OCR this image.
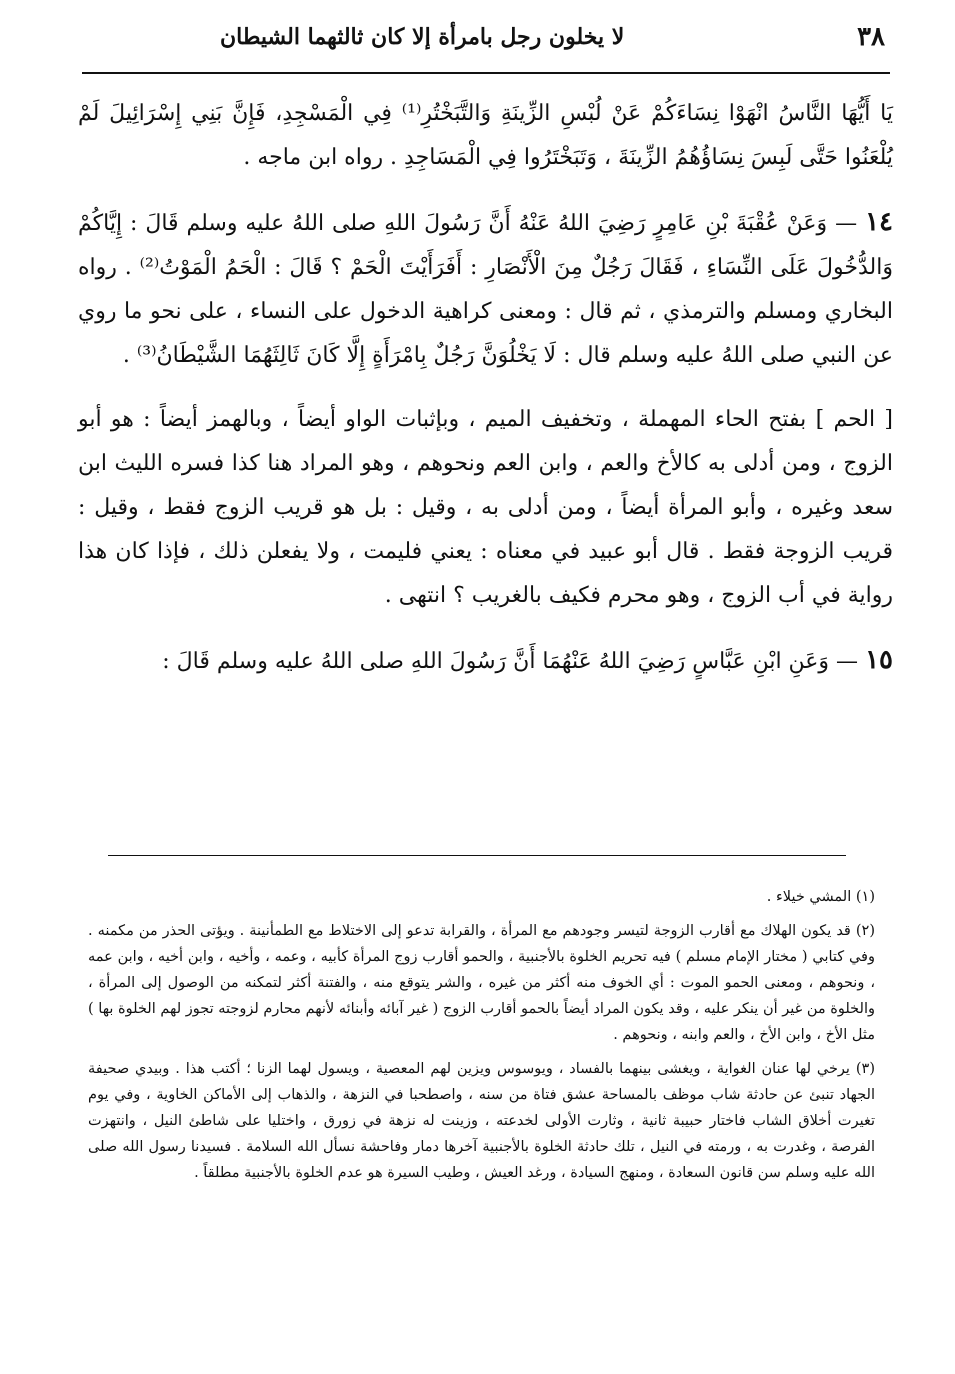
٣٨
لا يخلون رجل بامرأة إلا كان ثالثهما الشيطان

يَا أَيُّهَا النَّاسُ انْهَوْا نِسَاءَكُمْ عَنْ لُبْسِ الزِّينَةِ وَالتَّبَخْتُرِ⁽¹⁾ فِي الْمَسْجِدِ، فَإِنَّ بَنِي إِسْرَائِيلَ لَمْ يُلْعَنُوا حَتَّى لَبِسَ نِسَاؤُهُمُ الزِّينَةَ ، وَتَبَخْتَرُوا فِي الْمَسَاجِدِ . رواه ابن ماجه .

١٤ — وَعَنْ عُقْبَةَ بْنِ عَامِرٍ رَضِيَ اللهُ عَنْهُ أَنَّ رَسُولَ اللهِ صلى اللهُ عليه وسلم قَالَ : إِيَّاكُمْ وَالدُّخُولَ عَلَى النِّسَاءِ ، فَقَالَ رَجُلٌ مِنَ الْأَنْصَارِ : أَفَرَأَيْتَ الْحَمْ ؟ قَالَ : الْحَمُ الْمَوْتُ⁽²⁾ . رواه البخاري ومسلم والترمذي ، ثم قال : ومعنى كراهية الدخول على النساء ، على نحو ما روي عن النبي صلى اللهُ عليه وسلم قال : لَا يَخْلُوَنَّ رَجُلٌ بِامْرَأَةٍ إِلَّا كَانَ ثَالِثَهُمَا الشَّيْطَانُ⁽³⁾ .

[ الحم ] بفتح الحاء المهملة ، وتخفيف الميم ، وبإثبات الواو أيضاً ، وبالهمز أيضاً : هو أبو الزوج ، ومن أدلى به كالأخ والعم ، وابن العم ونحوهم ، وهو المراد هنا كذا فسره الليث ابن سعد وغيره ، وأبو المرأة أيضاً ، ومن أدلى به ، وقيل : بل هو قريب الزوج فقط ، وقيل : قريب الزوجة فقط . قال أبو عبيد في معناه : يعني فليمت ، ولا يفعلن ذلك ، فإذا كان هذا رواية في أب الزوج ، وهو محرم فكيف بالغريب ؟ انتهى .

١٥ — وَعَنِ ابْنِ عَبَّاسٍ رَضِيَ اللهُ عَنْهُمَا أَنَّ رَسُولَ اللهِ صلى اللهُ عليه وسلم قَالَ :

(١) المشي خيلاء .

(٢) قد يكون الهلاك مع أقارب الزوجة لتيسر وجودهم مع المرأة ، والقرابة تدعو إلى الاختلاط مع الطمأنينة . ويؤتى الحذر من مكمنه . وفي كتابي ( مختار الإمام مسلم ) فيه تحريم الخلوة بالأجنبية ، والحمو أقارب زوج المرأة كأبيه ، وعمه ، وأخيه ، وابن أخيه ، وابن عمه ، ونحوهم ، ومعنى الحمو الموت : أي الخوف منه أكثر من غيره ، والشر يتوقع منه ، والفتنة أكثر لتمكنه من الوصول إلى المرأة ، والخلوة من غير أن ينكر عليه ، وقد يكون المراد أيضاً بالحمو أقارب الزوج ( غير آبائه وأبنائه لأنهم محارم لزوجته تجوز لهم الخلوة بها ) مثل الأخ ، وابن الأخ ، والعم وابنه ، ونحوهم .

(٣) يرخي لها عنان الغواية ، ويغشى بينهما بالفساد ، ويوسوس ويزين لهم المعصية ، ويسول لهما الزنا ؛ أكتب هذا . وبيدي صحيفة الجهاد تنبئ عن حادثة شاب موظف بالمساحة عشق فتاة من سنه ، واصطحبا في النزهة ، والذهاب إلى الأماكن الخاوية ، وفي يوم تغيرت أخلاق الشاب فاختار حبيبة ثانية ، وثارت الأولى لخدعته ، وزينت له نزهة في زورق ، واختليا على شاطئ النيل ، وانتهزت الفرصة ، وغدرت به ، ورمته في النيل ، تلك حادثة الخلوة بالأجنبية آخرها دمار وفاحشة نسأل الله السلامة . فسيدنا رسول الله صلى الله عليه وسلم سن قانون السعادة ، ومنهج السيادة ، ورغد العيش ، وطيب السيرة هو عدم الخلوة بالأجنبية مطلقاً .
